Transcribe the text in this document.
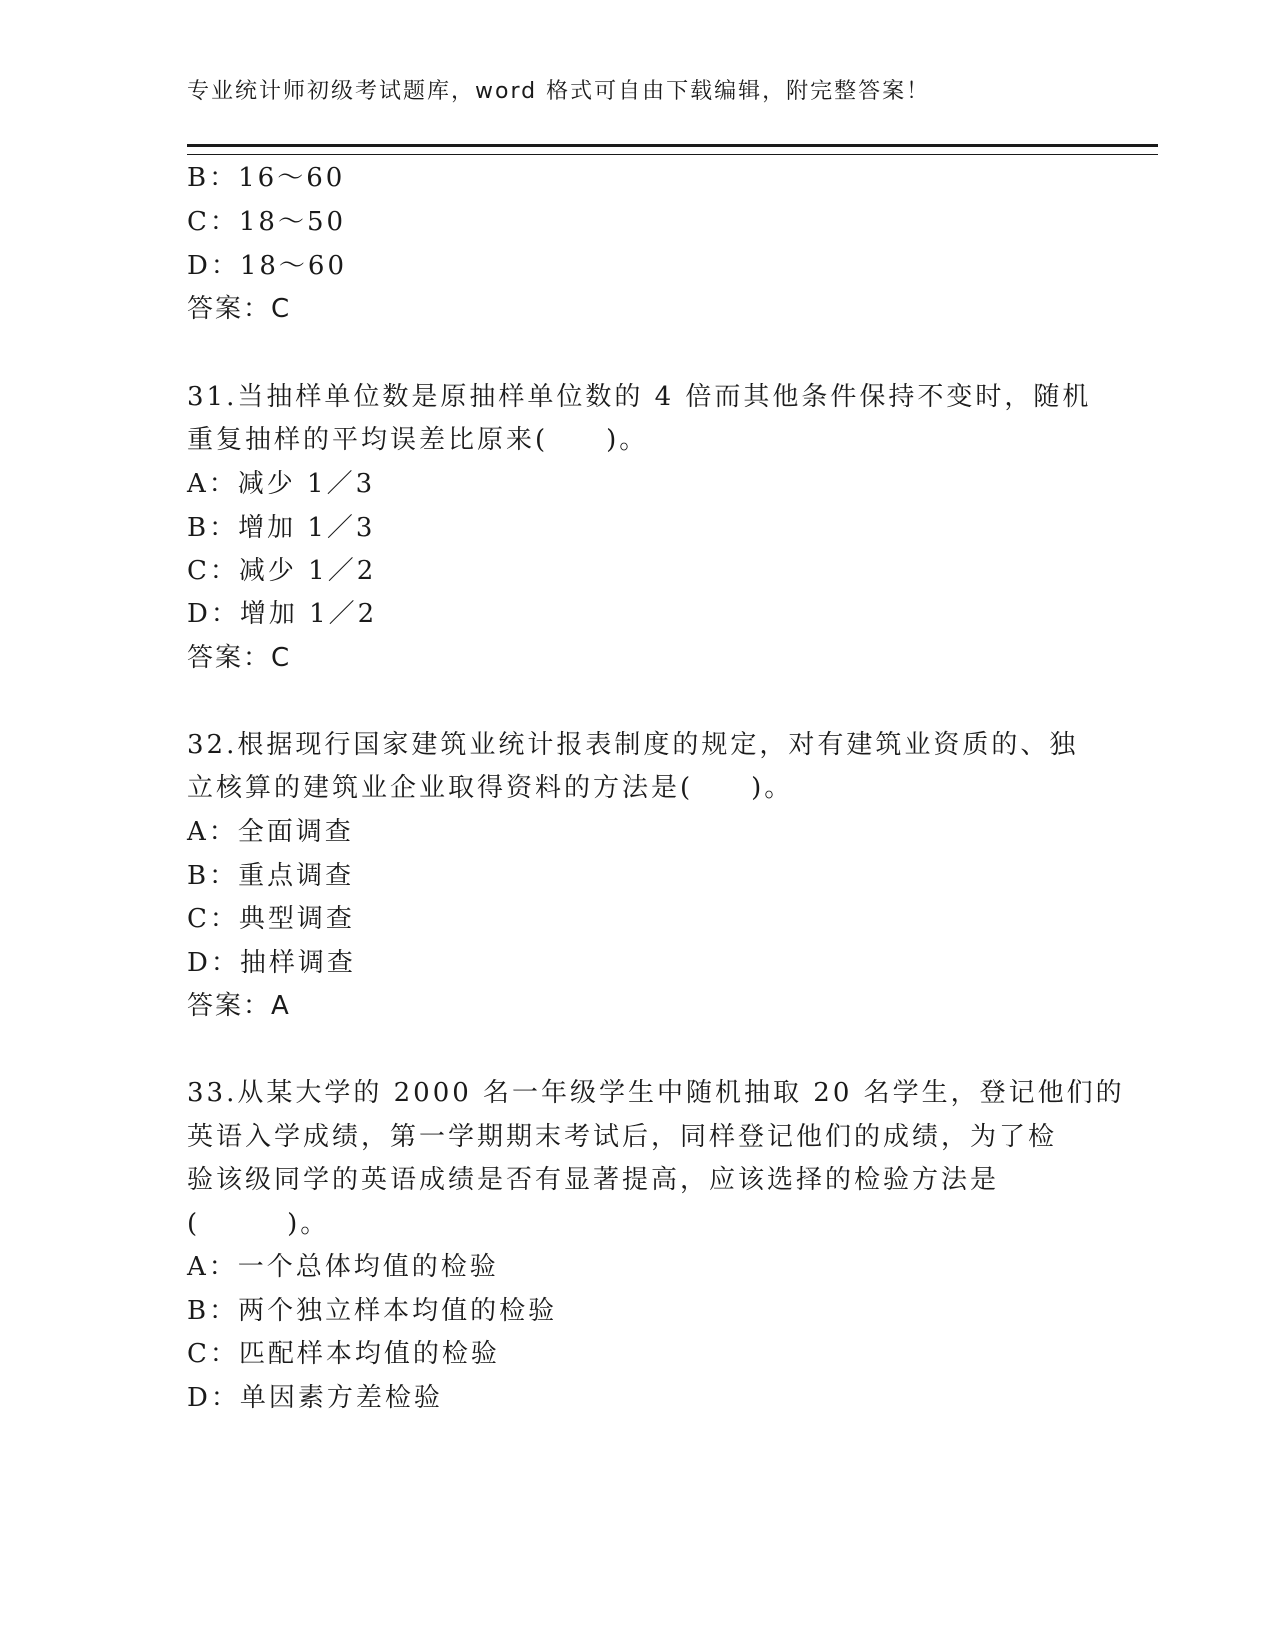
专业统计师初级考试题库，word 格式可自由下载编辑，附完整答案！
B：16～60
C：18～50
D：18～60
答案：C
31.当抽样单位数是原抽样单位数的 4 倍而其他条件保持不变时，随机
重复抽样的平均误差比原来(　　)。
A：减少 1／3
B：增加 1／3
C：减少 1／2
D：增加 1／2
答案：C
32.根据现行国家建筑业统计报表制度的规定，对有建筑业资质的、独
立核算的建筑业企业取得资料的方法是(　　)。
A：全面调查
B：重点调查
C：典型调查
D：抽样调查
答案：A
33.从某大学的 2000 名一年级学生中随机抽取 20 名学生，登记他们的
英语入学成绩，第一学期期末考试后，同样登记他们的成绩，为了检
验该级同学的英语成绩是否有显著提高，应该选择的检验方法是
(　　　)。
A：一个总体均值的检验
B：两个独立样本均值的检验
C：匹配样本均值的检验
D：单因素方差检验
